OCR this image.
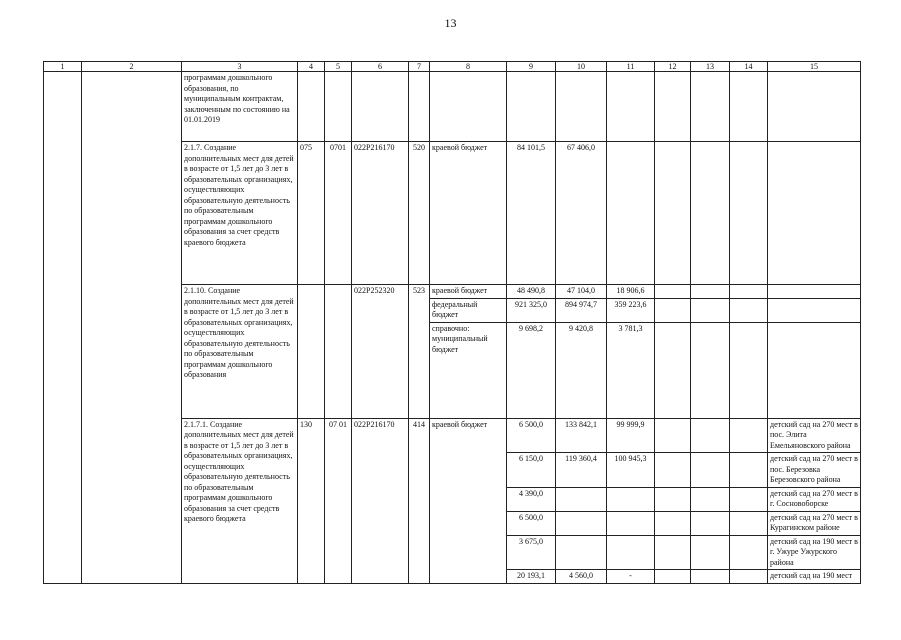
13
1	2	3	4	5	6	7	8	9	10	11	12	13	14	15
		программам дошкольного образования, по муниципальным контрактам, заключенным по состоянию на 01.01.2019												
		2.1.7. Создание дополнительных мест для детей в возрасте от 1,5 лет до 3 лет в образовательных организациях, осуществляющих образовательную деятельность по образовательным программам дошкольного образования за счет средств краевого бюджета	075	0701	022P216170	520	краевой бюджет	84 101,5	67 406,0					
		2.1.10. Создание дополнительных мест для детей в возрасте от 1,5 лет до 3 лет в образовательных организациях, осуществляющих образовательную деятельность по образовательным программам дошкольного образования			022P252320	523	краевой бюджет	48 490,8	47 104,0	18 906,6				
							федеральный бюджет	921 325,0	894 974,7	359 223,6				
							справочно: муниципальный бюджет	9 698,2	9 420,8	3 781,3				
		2.1.7.1. Создание дополнительных мест для детей в возрасте от 1,5 лет до 3 лет в образовательных организациях, осуществляющих образовательную деятельность по образовательным программам дошкольного образования за счет средств краевого бюджета	130	07 01	022P216170	414	краевой бюджет	6 500,0	133 842,1	99 999,9				детский сад на 270 мест в пос. Элита Емельяновского района
								6 150,0	119 360,4	100 945,3				детский сад на 270 мест в пос. Березовка Березовского района
								4 390,0						детский сад на 270 мест в г. Сосновоборске
								6 500,0						детский сад на 270 мест в Курагинском районе
								3 675,0						детский сад на 190 мест в г. Ужуре Ужурского района
								20 193,1	4 560,0	-				детский сад на 190 мест
